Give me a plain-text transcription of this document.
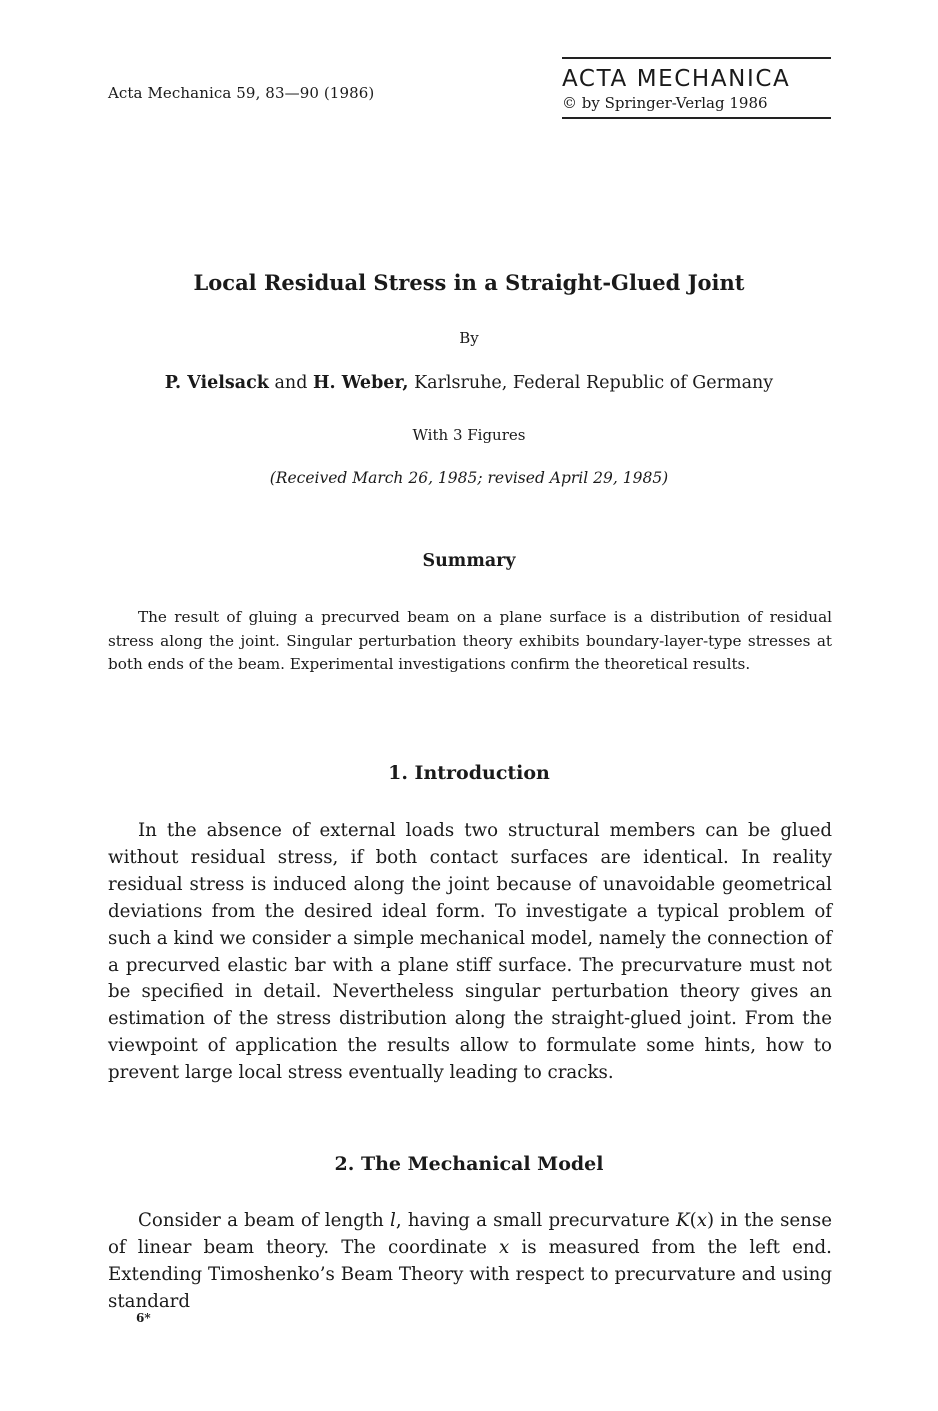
Acta Mechanica 59, 83—90 (1986)
ACTA MECHANICA
© by Springer-Verlag 1986
Local Residual Stress in a Straight-Glued Joint
By
P. Vielsack and H. Weber, Karlsruhe, Federal Republic of Germany
With 3 Figures
(Received March 26, 1985; revised April 29, 1985)
Summary
The result of gluing a precurved beam on a plane surface is a distribution of residual stress along the joint. Singular perturbation theory exhibits boundary-layer-type stresses at both ends of the beam. Experimental investigations confirm the theoretical results.
1. Introduction
In the absence of external loads two structural members can be glued without residual stress, if both contact surfaces are identical. In reality residual stress is induced along the joint because of unavoidable geometrical deviations from the desired ideal form. To investigate a typical problem of such a kind we consider a simple mechanical model, namely the connection of a precurved elastic bar with a plane stiff surface. The precurvature must not be specified in detail. Nevertheless singular perturbation theory gives an estimation of the stress distribution along the straight-glued joint. From the viewpoint of application the results allow to formulate some hints, how to prevent large local stress eventually leading to cracks.
2. The Mechanical Model
Consider a beam of length l, having a small precurvature K(x) in the sense of linear beam theory. The coordinate x is measured from the left end. Extending Timoshenko’s Beam Theory with respect to precurvature and using standard
6*
